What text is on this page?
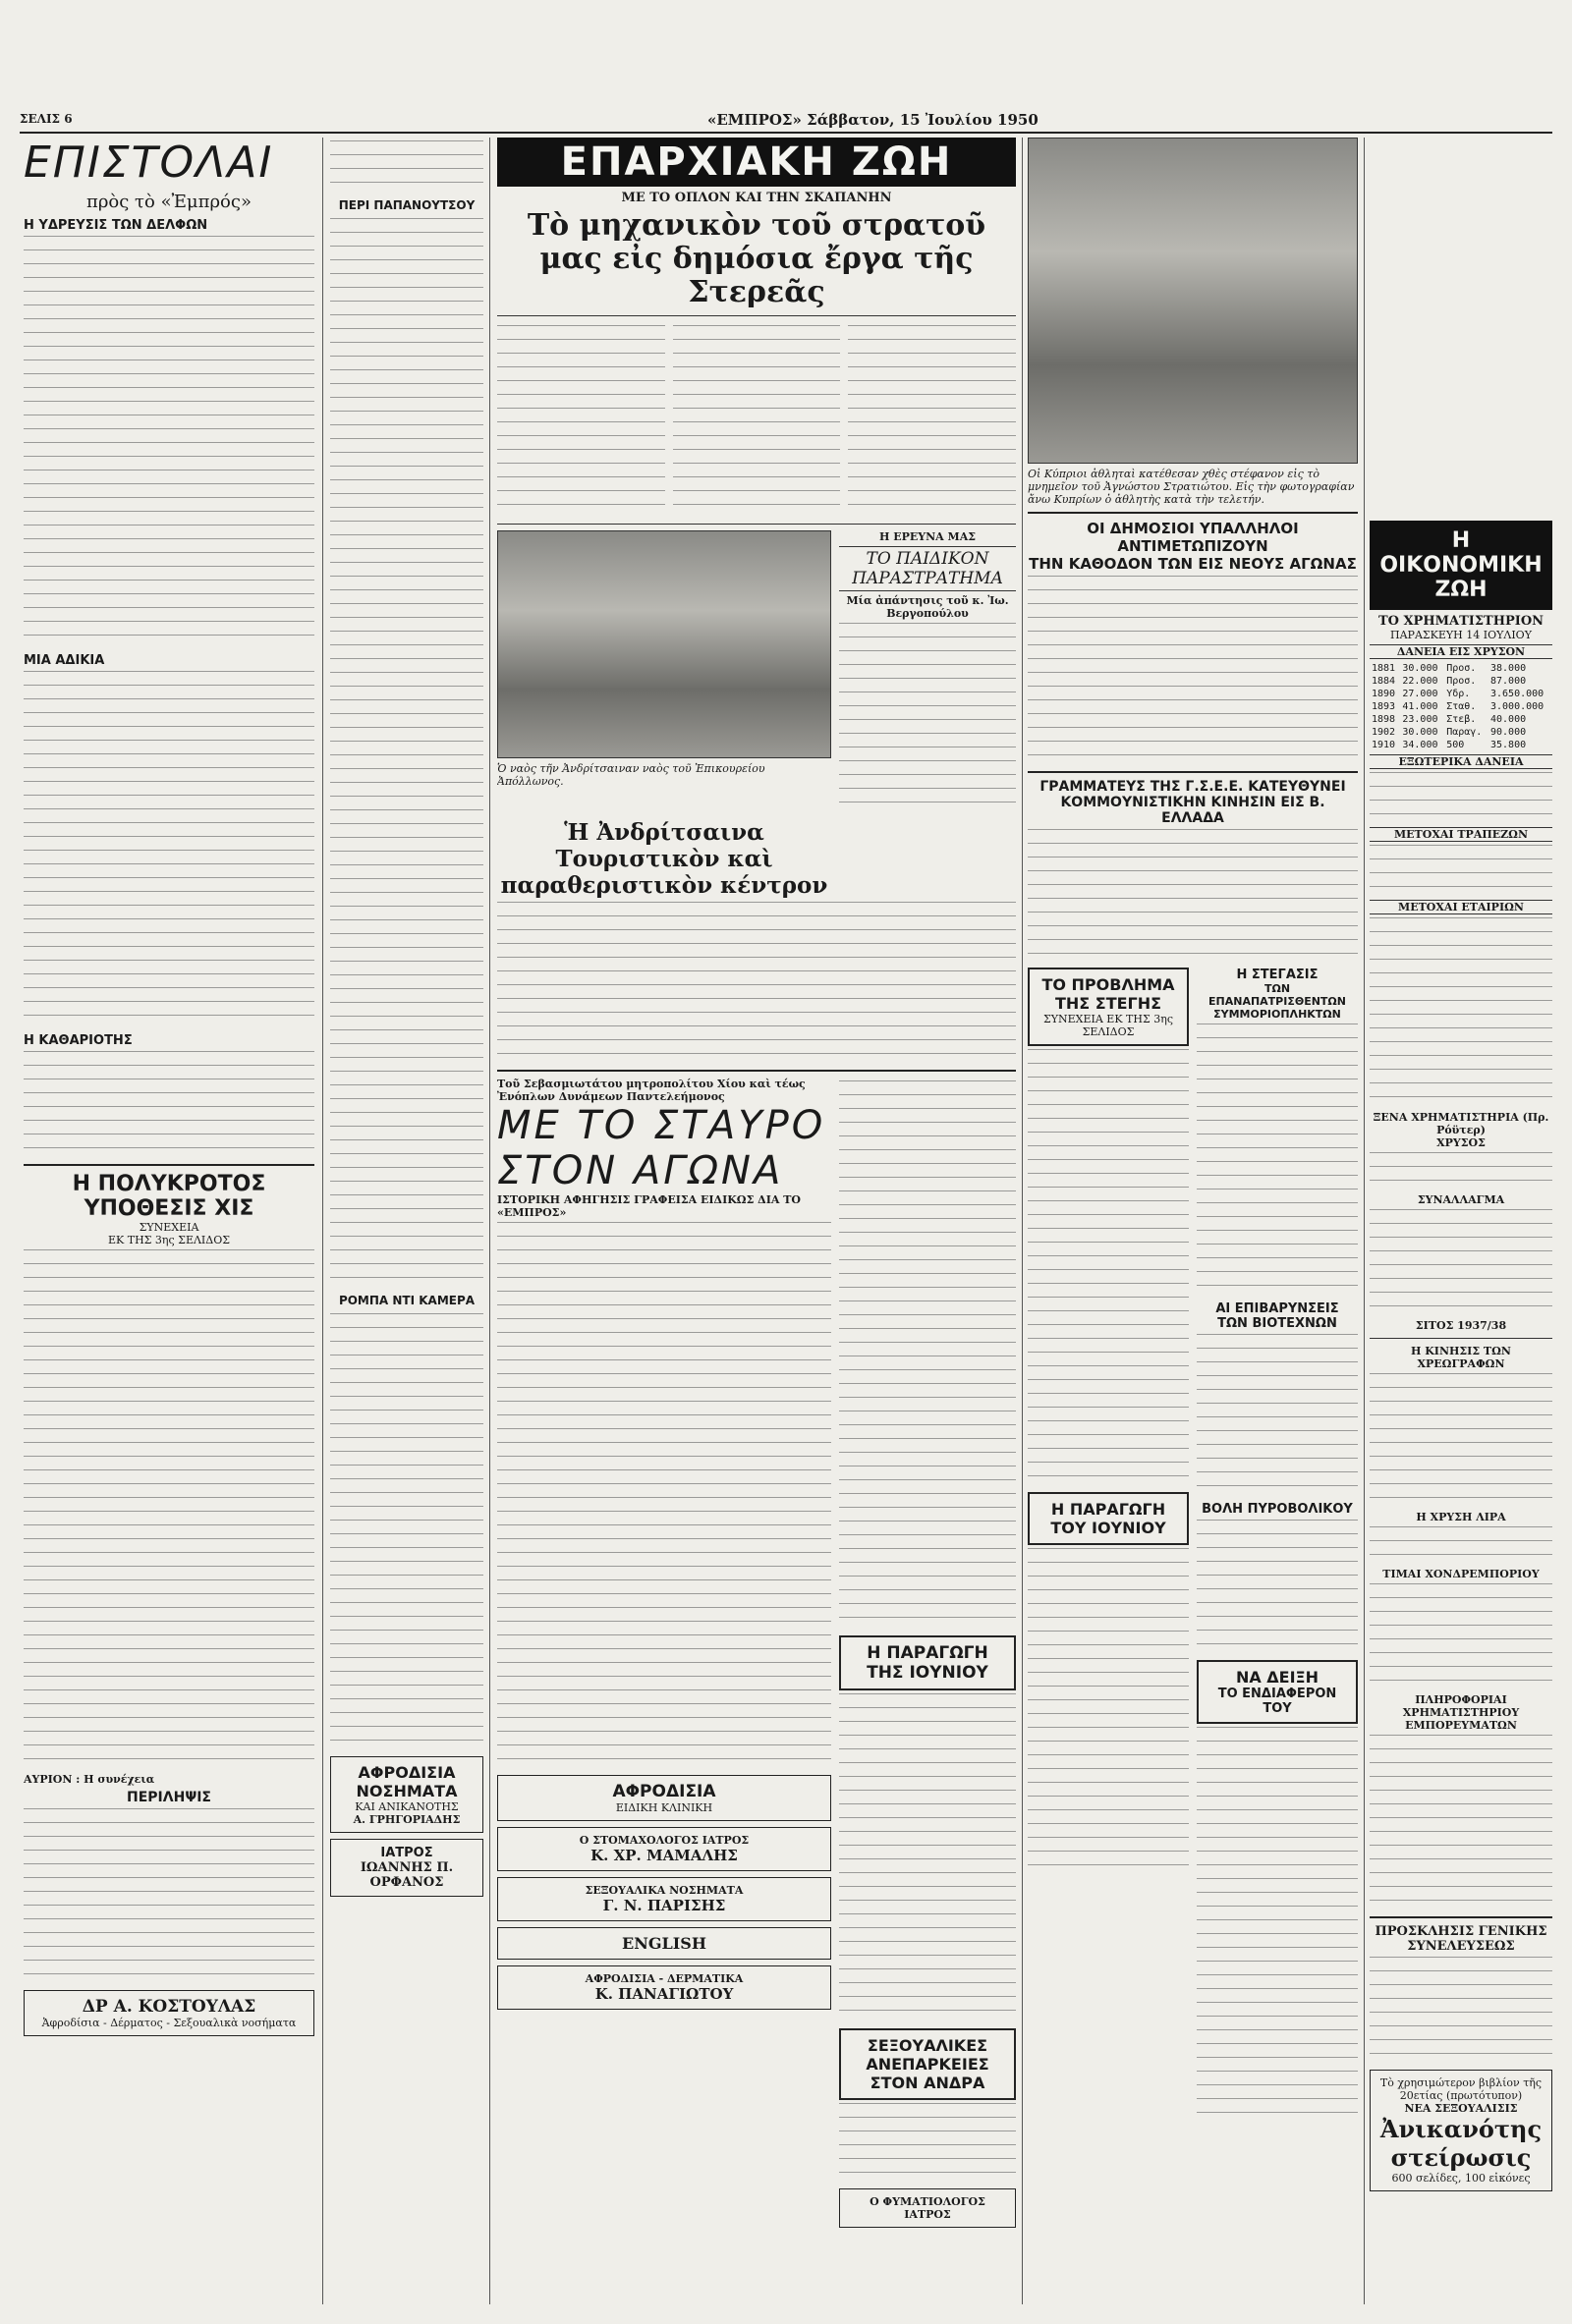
ΣΕΛΙΣ 6	«ΕΜΠΡΟΣ» Σάββατον, 15 Ἰουλίου 1950
ΕΠΙΣΤΟΛΑΙ
πρὸς τὸ «Ἐμπρός»
Η ΥΔΡΕΥΣΙΣ ΤΩΝ ΔΕΛΦΩΝ
ΜΙΑ ΑΔΙΚΙΑ
Η ΚΑΘΑΡΙΟΤΗΣ
Η ΠΟΛΥΚΡΟΤΟΣ
ΥΠΟΘΕΣΙΣ ΧΙΣ
ΣΥΝΕΧΕΙΑ
ΕΚ ΤΗΣ 3ης ΣΕΛΙΔΟΣ
ΑΥΡΙΟΝ : Η συνέχεια
ΠΕΡΙΛΗΨΙΣ
ΔΡ Α. ΚΟΣΤΟΥΛΑΣ
Ἀφροδίσια - Δέρματος - Σεξουαλικὰ νοσήματα
ΠΕΡΙ ΠΑΠΑΝΟΥΤΣΟΥ
ΡΟΜΠΑ ΝΤΙ ΚΑΜΕΡΑ
ΑΦΡΟΔΙΣΙΑ ΝΟΣΗΜΑΤΑ
ΚΑΙ ΑΝΙΚΑΝΟΤΗΣ
Α. ΓΡΗΓΟΡΙΑΔΗΣ
ΙΑΤΡΟΣ
ΙΩΑΝΝΗΣ Π. ΟΡΦΑΝΟΣ
ΕΠΑΡΧΙΑΚΗ ΖΩΗ
ΜΕ ΤΟ ΟΠΛΟΝ ΚΑΙ ΤΗΝ ΣΚΑΠΑΝΗΝ
Τὸ μηχανικὸν τοῦ στρατοῦ μας εἰς δημόσια ἔργα τῆς Στερεᾶς
Ὁ ναὸς τῆν Ἀνδρίτσαιναν ναὸς τοῦ Ἐπικουρείου Ἀπόλλωνος.
Η ΕΡΕΥΝΑ ΜΑΣ
ΤΟ ΠΑΙΔΙΚΟΝ ΠΑΡΑΣΤΡΑΤΗΜΑ
Μία ἀπάντησις τοῦ κ. Ἰω. Βεργοπούλου
Ἡ Ἀνδρίτσαινα Τουριστικὸν καὶ παραθεριστικὸν κέντρον
Τοῦ Σεβασμιωτάτου μητροπολίτου Χίου καὶ τέως Ἐνόπλων Δυνάμεων Παντελεήμονος
ΜΕ ΤΟ ΣΤΑΥΡΟ
ΣΤΟΝ ΑΓΩΝΑ
ΙΣΤΟΡΙΚΗ ΑΦΗΓΗΣΙΣ ΓΡΑΦΕΙΣΑ ΕΙΔΙΚΩΣ ΔΙΑ ΤΟ «ΕΜΠΡΟΣ»
ΑΦΡΟΔΙΣΙΑ
ΕΙΔΙΚΗ ΚΛΙΝΙΚΗ
Ο ΣΤΟΜΑΧΟΛΟΓΟΣ ΙΑΤΡΟΣ
Κ. ΧΡ. ΜΑΜΑΛΗΣ
ΣΕΞΟΥΑΛΙΚΑ ΝΟΣΗΜΑΤΑ
Γ. Ν. ΠΑΡΙΣΗΣ
ENGLISH
ΑΦΡΟΔΙΣΙΑ - ΔΕΡΜΑΤΙΚΑ
Κ. ΠΑΝΑΓΙΩΤΟΥ
Η ΠΑΡΑΓΩΓΗ ΤΗΣ ΙΟΥΝΙΟΥ
ΣΕΞΟΥΑΛΙΚΕΣ
ΑΝΕΠΑΡΚΕΙΕΣ
ΣΤΟΝ ΑΝΔΡΑ
Ο ΦΥΜΑΤΙΟΛΟΓΟΣ ΙΑΤΡΟΣ
Οἱ Κύπριοι ἀθληταὶ κατέθεσαν χθὲς στέφανον εἰς τὸ μνημεῖον τοῦ Ἀγνώστου Στρατιώτου. Εἰς τὴν φωτογραφίαν ἄνω Κυπρίων ὁ ἀθλητὴς κατὰ τὴν τελετήν.
ΟΙ ΔΗΜΟΣΙΟΙ ΥΠΑΛΛΗΛΟΙ ΑΝΤΙΜΕΤΩΠΙΖΟΥΝ
ΤΗΝ ΚΑΘΟΔΟΝ ΤΩΝ ΕΙΣ ΝΕΟΥΣ ΑΓΩΝΑΣ
ΓΡΑΜΜΑΤΕΥΣ ΤΗΣ Γ.Σ.Ε.Ε. ΚΑΤΕΥΘΥΝΕΙ
ΚΟΜΜΟΥΝΙΣΤΙΚΗΝ ΚΙΝΗΣΙΝ ΕΙΣ Β. ΕΛΛΑΔΑ
ΤΟ ΠΡΟΒΛΗΜΑ
ΤΗΣ ΣΤΕΓΗΣ
ΣΥΝΕΧΕΙΑ ΕΚ ΤΗΣ 3ης ΣΕΛΙΔΟΣ
Η ΠΑΡΑΓΩΓΗ
ΤΟΥ ΙΟΥΝΙΟΥ
Η ΣΤΕΓΑΣΙΣ
ΤΩΝ ΕΠΑΝΑΠΑΤΡΙΣΘΕΝΤΩΝ ΣΥΜΜΟΡΙΟΠΛΗΚΤΩΝ
ΑΙ ΕΠΙΒΑΡΥΝΣΕΙΣ
ΤΩΝ ΒΙΟΤΕΧΝΩΝ
ΒΟΛΗ ΠΥΡΟΒΟΛΙΚΟΥ
ΝΑ ΔΕΙΞΗ
ΤΟ ΕΝΔΙΑΦΕΡΟΝ ΤΟΥ
Η ΟΙΚΟΝΟΜΙΚΗ ΖΩΗ
ΤΟ ΧΡΗΜΑΤΙΣΤΗΡΙΟΝ
ΠΑΡΑΣΚΕΥΗ 14 ΙΟΥΛΙΟΥ
ΔΑΝΕΙΑ ΕΙΣ ΧΡΥΣΟΝ
1881	30.000	Προσ.	38.000
1884	22.000	Προσ.	87.000
1890	27.000	Υδρ.	3.650.000
1893	41.000	Σταθ.	3.000.000
1898	23.000	Στεβ.	40.000
1902	30.000	Παραγ.	90.000
1910	34.000	500	35.800
ΕΞΩΤΕΡΙΚΑ ΔΑΝΕΙΑ
ΜΕΤΟΧΑΙ ΤΡΑΠΕΖΩΝ
ΜΕΤΟΧΑΙ ΕΤΑΙΡΙΩΝ
ΞΕΝΑ ΧΡΗΜΑΤΙΣΤΗΡΙΑ (Πρ. Ρόϋτερ)
ΧΡΥΣΟΣ
ΣΥΝΑΛΛΑΓΜΑ
ΣΙΤΟΣ 1937/38
Η ΚΙΝΗΣΙΣ ΤΩΝ ΧΡΕΩΓΡΑΦΩΝ
Η ΧΡΥΣΗ ΛΙΡΑ
ΤΙΜΑΙ ΧΟΝΔΡΕΜΠΟΡΙΟΥ
ΠΛΗΡΟΦΟΡΙΑΙ ΧΡΗΜΑΤΙΣΤΗΡΙΟΥ ΕΜΠΟΡΕΥΜΑΤΩΝ
ΠΡΟΣΚΛΗΣΙΣ ΓΕΝΙΚΗΣ ΣΥΝΕΛΕΥΣΕΩΣ
Τὸ χρησιμώτερον βιβλίον τῆς 20ετίας (πρωτότυπον)
ΝΕΑ ΣΕΞΟΥΑΛΙΣΙΣ
Ἀνικανότης
στείρωσις
600 σελίδες, 100 εἰκόνες
